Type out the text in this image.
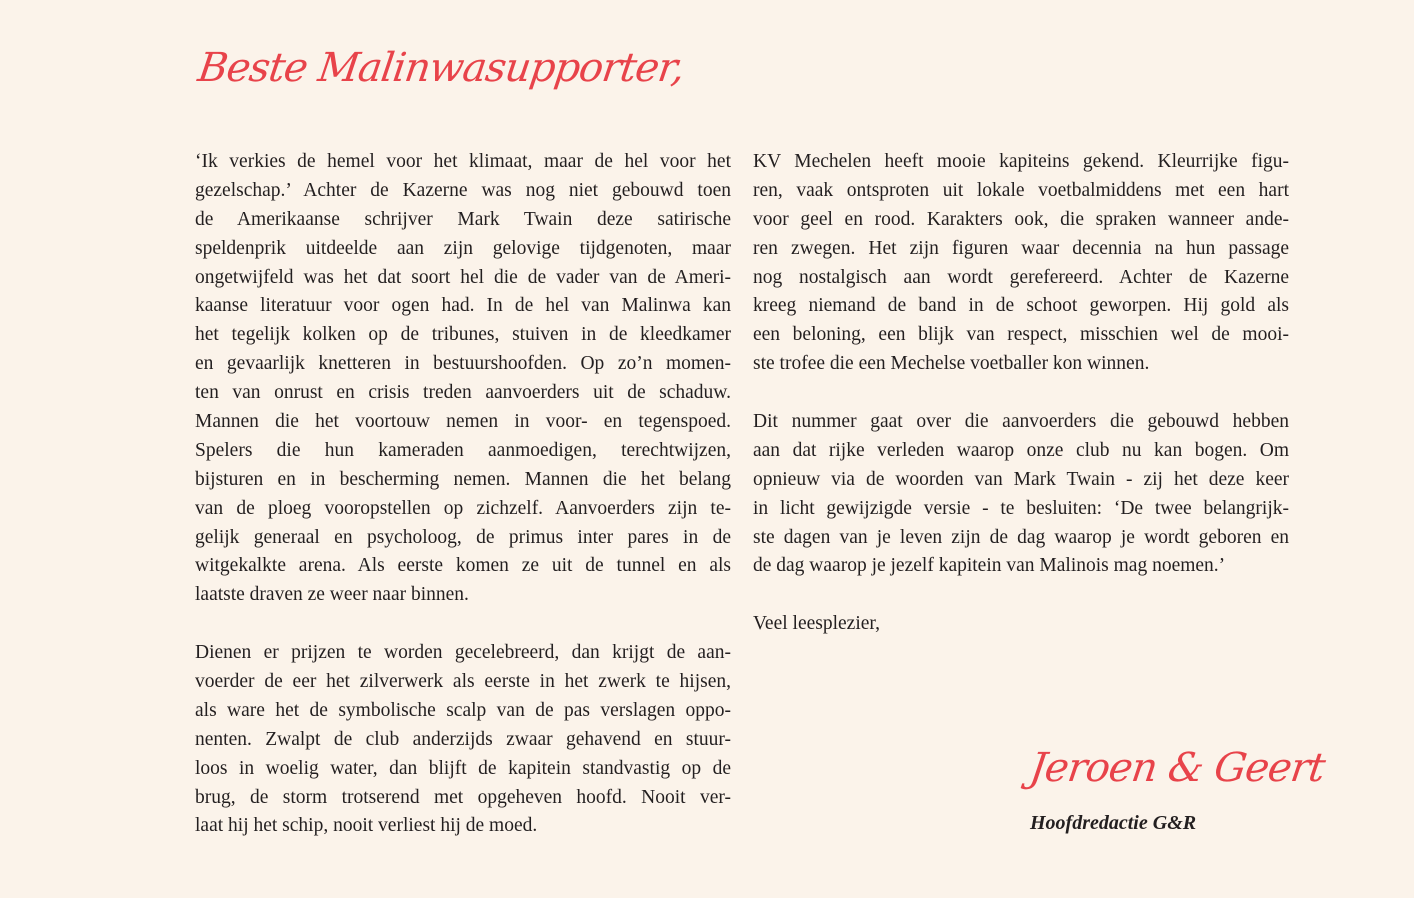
Beste Malinwasupporter,
‘Ik verkies de hemel voor het klimaat, maar de hel voor het
gezelschap.’ Achter de Kazerne was nog niet gebouwd toen
de Amerikaanse schrijver Mark Twain deze satirische
speldenprik uitdeelde aan zijn gelovige tijdgenoten, maar
ongetwijfeld was het dat soort hel die de vader van de Ameri-
kaanse literatuur voor ogen had. In de hel van Malinwa kan
het tegelijk kolken op de tribunes, stuiven in de kleedkamer
en gevaarlijk knetteren in bestuurshoofden. Op zo’n momen-
ten van onrust en crisis treden aanvoerders uit de schaduw.
Mannen die het voortouw nemen in voor- en tegenspoed.
Spelers die hun kameraden aanmoedigen, terechtwijzen,
bijsturen en in bescherming nemen. Mannen die het belang
van de ploeg vooropstellen op zichzelf. Aanvoerders zijn te-
gelijk generaal en psycholoog, de primus inter pares in de
witgekalkte arena. Als eerste komen ze uit de tunnel en als
laatste draven ze weer naar binnen.
Dienen er prijzen te worden gecelebreerd, dan krijgt de aan-
voerder de eer het zilverwerk als eerste in het zwerk te hijsen,
als ware het de symbolische scalp van de pas verslagen oppo-
nenten. Zwalpt de club anderzijds zwaar gehavend en stuur-
loos in woelig water, dan blijft de kapitein standvastig op de
brug, de storm trotserend met opgeheven hoofd. Nooit ver-
laat hij het schip, nooit verliest hij de moed.
KV Mechelen heeft mooie kapiteins gekend. Kleurrijke figu-
ren, vaak ontsproten uit lokale voetbalmiddens met een hart
voor geel en rood. Karakters ook, die spraken wanneer ande-
ren zwegen. Het zijn figuren waar decennia na hun passage
nog nostalgisch aan wordt gerefereerd. Achter de Kazerne
kreeg niemand de band in de schoot geworpen. Hij gold als
een beloning, een blijk van respect, misschien wel de mooi-
ste trofee die een Mechelse voetballer kon winnen.
Dit nummer gaat over die aanvoerders die gebouwd hebben
aan dat rijke verleden waarop onze club nu kan bogen. Om
opnieuw via de woorden van Mark Twain - zij het deze keer
in licht gewijzigde versie - te besluiten: ‘De twee belangrijk-
ste dagen van je leven zijn de dag waarop je wordt geboren en
de dag waarop je jezelf kapitein van Malinois mag noemen.’
Veel leesplezier,
Jeroen & Geert
Hoofdredactie G&R
